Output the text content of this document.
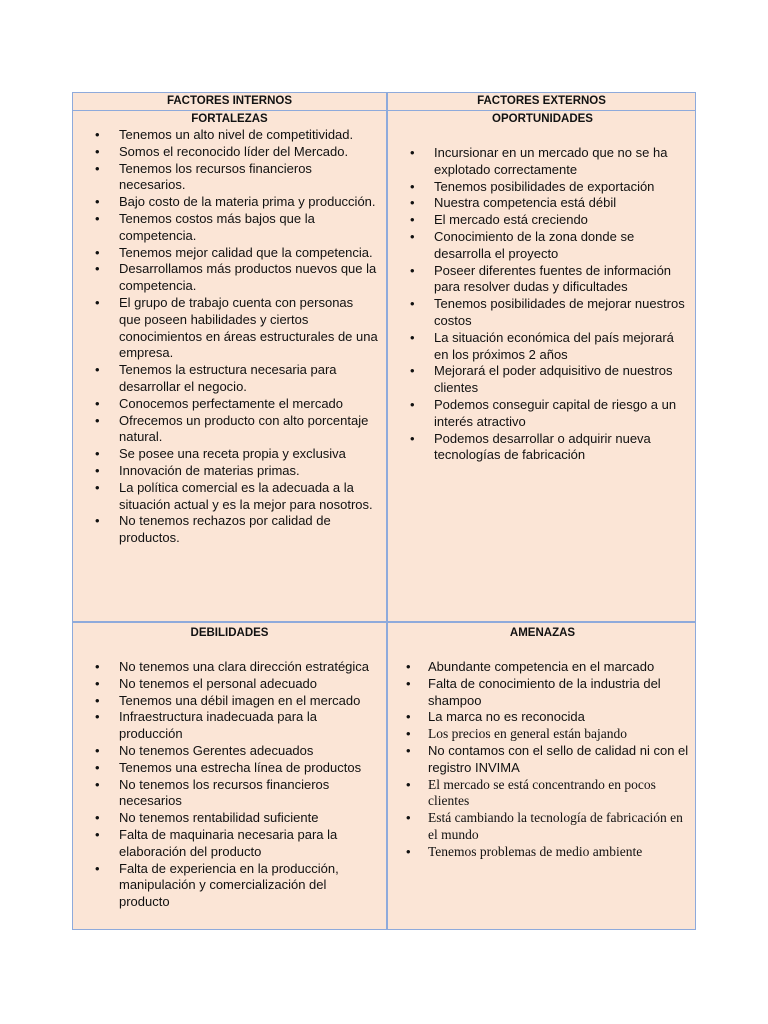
FACTORES INTERNOS	FACTORES EXTERNOS
FORTALEZAS
• Tenemos un alto nivel de competitividad.
• Somos el reconocido líder del Mercado.
• Tenemos los recursos financieros necesarios.
• Bajo costo de la materia prima y producción.
• Tenemos costos más bajos que la competencia.
• Tenemos mejor calidad que la competencia.
• Desarrollamos más productos nuevos que la competencia.
• El grupo de trabajo cuenta con personas que poseen habilidades y ciertos conocimientos en áreas estructurales de una empresa.
• Tenemos la estructura necesaria para desarrollar el negocio.
• Conocemos perfectamente el mercado
• Ofrecemos un producto con alto porcentaje natural.
• Se posee una receta propia y exclusiva
• Innovación de materias primas.
• La política comercial es la adecuada a la situación actual y es la mejor para nosotros.
• No tenemos rechazos por calidad de productos.
OPORTUNIDADES
• Incursionar en un mercado que no se ha explotado correctamente
• Tenemos posibilidades de exportación
• Nuestra competencia está débil
• El mercado está creciendo
• Conocimiento de la zona donde se desarrolla el proyecto
• Poseer diferentes fuentes de información para resolver dudas y dificultades
• Tenemos posibilidades de mejorar nuestros costos
• La situación económica del país mejorará en los próximos 2 años
• Mejorará el poder adquisitivo de nuestros clientes
• Podemos conseguir capital de riesgo a un interés atractivo
• Podemos desarrollar o adquirir nueva tecnologías de fabricación
DEBILIDADES
• No tenemos una clara dirección estratégica
• No tenemos el personal adecuado
• Tenemos una débil imagen en el mercado
• Infraestructura inadecuada para la producción
• No tenemos Gerentes adecuados
• Tenemos una estrecha línea de productos
• No tenemos los recursos financieros necesarios
• No tenemos rentabilidad suficiente
• Falta de maquinaria necesaria para la elaboración del producto
• Falta de experiencia en la producción, manipulación y comercialización del producto
AMENAZAS
• Abundante competencia en el marcado
• Falta de conocimiento de la industria del shampoo
• La marca no es reconocida
• Los precios en general están bajando
• No contamos con el sello de calidad ni con el registro INVIMA
• El mercado se está concentrando en pocos clientes
• Está cambiando la tecnología de fabricación en el mundo
• Tenemos problemas de medio ambiente
